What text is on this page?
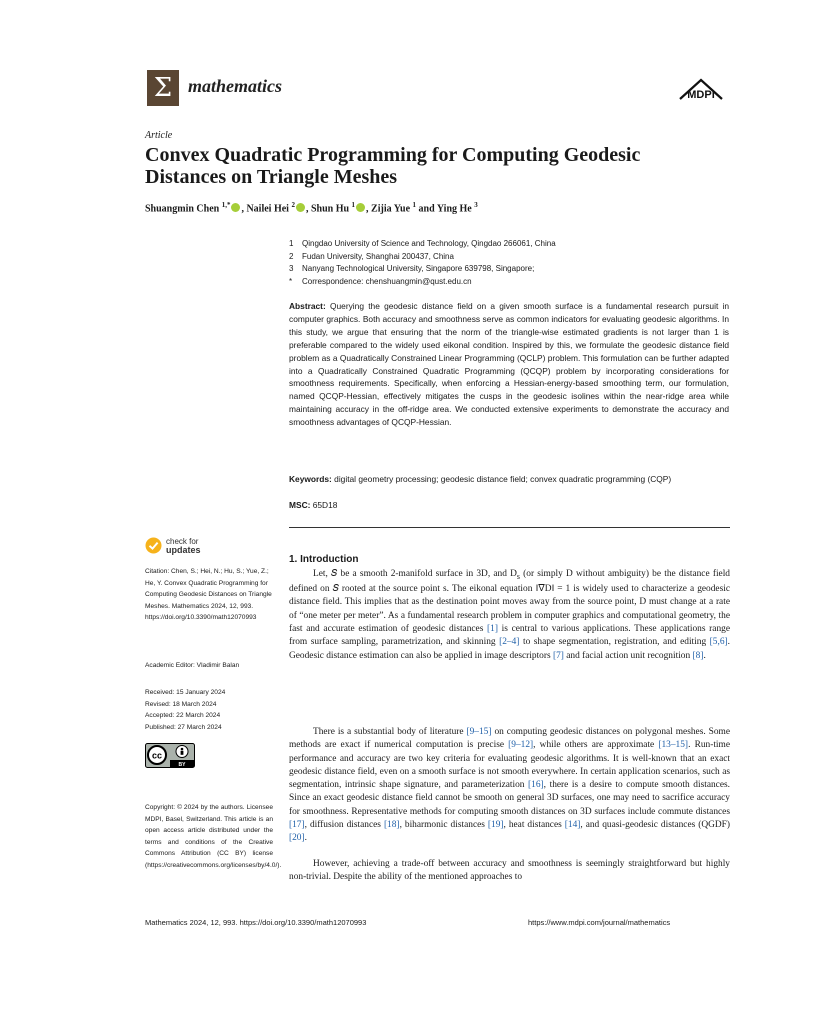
Σ mathematics	MDPI
Article
Convex Quadratic Programming for Computing Geodesic Distances on Triangle Meshes
Shuangmin Chen $^{1,*}$ , Nailei Hei $^2$ , Shun Hu $^1$ , Zijia Yue $^1$ and Ying He $^3$
1	Qingdao University of Science and Technology, Qingdao 266061, China
2	Fudan University, Shanghai 200437, China
3	Nanyang Technological University, Singapore 639798, Singapore;
*	Correspondence: chenshuangmin@qust.edu.cn
Abstract: Querying the geodesic distance field on a given smooth surface is a fundamental research pursuit in computer graphics. Both accuracy and smoothness serve as common indicators for evaluating geodesic algorithms. In this study, we argue that ensuring that the norm of the triangle-wise estimated gradients is not larger than 1 is preferable compared to the widely used eikonal condition. Inspired by this, we formulate the geodesic distance field problem as a Quadratically Constrained Linear Programming (QCLP) problem. This formulation can be further adapted into a Quadratically Constrained Quadratic Programming (QCQP) problem by incorporating considerations for smoothness requirements. Specifically, when enforcing a Hessian-energy-based smoothing term, our formulation, named QCQP-Hessian, effectively mitigates the cusps in the geodesic isolines within the near-ridge area while maintaining accuracy in the off-ridge area. We conducted extensive experiments to demonstrate the accuracy and smoothness advantages of QCQP-Hessian.
Keywords: digital geometry processing; geodesic distance field; convex quadratic programming (CQP)
MSC: 65D18
check for
updates
Citation: Chen, S.; Hei, N.; Hu, S.; Yue, Z.; He, Y. Convex Quadratic Programming for Computing Geodesic Distances on Triangle Meshes. Mathematics 2024, 12, 993. https://doi.org/10.3390/math12070993
Academic Editor: Vladimir Balan
Received: 15 January 2024
Revised: 18 March 2024
Accepted: 22 March 2024
Published: 27 March 2024
cc
BY
Copyright: © 2024 by the authors. Licensee MDPI, Basel, Switzerland. This article is an open access article distributed under the terms and conditions of the Creative Commons Attribution (CC BY) license (https://creativecommons.org/licenses/by/4.0/).
1. Introduction
Let, 𝑆 be a smooth 2-manifold surface in 3D, and $D_s$ (or simply D without ambiguity) be the distance field defined on 𝑆 rooted at the source point s. The eikonal equation ‖∇D‖ = 1 is widely used to characterize a geodesic distance field. This implies that as the destination point moves away from the source point, D must change at a rate of “one meter per meter”. As a fundamental research problem in computer graphics and computational geometry, the fast and accurate estimation of geodesic distances [1] is central to various applications. These applications range from surface sampling, parametrization, and skinning [2–4] to shape segmentation, registration, and editing [5,6]. Geodesic distance estimation can also be applied in image descriptors [7] and facial action unit recognition [8].
There is a substantial body of literature [9–15] on computing geodesic distances on polygonal meshes. Some methods are exact if numerical computation is precise [9–12], while others are approximate [13–15]. Run-time performance and accuracy are two key criteria for evaluating geodesic algorithms. It is well-known that an exact geodesic distance field, even on a smooth surface is not smooth everywhere. In certain application scenarios, such as segmentation, intrinsic shape signature, and parameterization [16], there is a desire to compute smooth distances. Since an exact geodesic distance field cannot be smooth on general 3D surfaces, one may need to sacrifice accuracy for smoothness. Representative methods for computing smooth distances on 3D surfaces include commute distances [17], diffusion distances [18], biharmonic distances [19], heat distances [14], and quasi-geodesic distances (QGDF) [20].
However, achieving a trade-off between accuracy and smoothness is seemingly straightforward but highly non-trivial. Despite the ability of the mentioned approaches to
Mathematics 2024, 12, 993. https://doi.org/10.3390/math12070993	https://www.mdpi.com/journal/mathematics
